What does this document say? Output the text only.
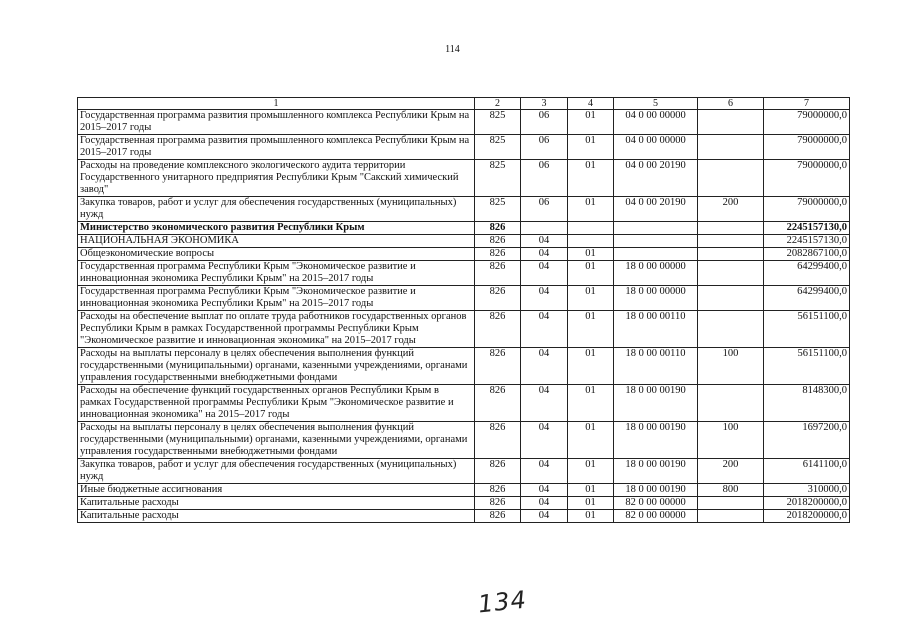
114
1	2	3	4	5	6	7
Государственная программа развития промышленного комплекса Республики Крым на 2015–2017 годы	825	06	01	04 0 00 00000		79000000,0
Государственная программа развития промышленного комплекса Республики Крым на 2015–2017 годы	825	06	01	04 0 00 00000		79000000,0
Расходы на проведение комплексного экологического аудита территории Государственного унитарного предприятия Республики Крым "Сакский химический завод"	825	06	01	04 0 00 20190		79000000,0
Закупка товаров, работ и услуг для обеспечения государственных (муниципальных) нужд	825	06	01	04 0 00 20190	200	79000000,0
Министерство экономического развития Республики Крым	826					2245157130,0
НАЦИОНАЛЬНАЯ ЭКОНОМИКА	826	04				2245157130,0
Общеэкономические вопросы	826	04	01			2082867100,0
Государственная программа Республики Крым "Экономическое развитие и инновационная экономика Республики Крым" на 2015–2017 годы	826	04	01	18 0 00 00000		64299400,0
Государственная программа Республики Крым "Экономическое развитие и инновационная экономика Республики Крым" на 2015–2017 годы	826	04	01	18 0 00 00000		64299400,0
Расходы на обеспечение выплат по оплате труда работников государственных органов Республики Крым в рамках Государственной программы Республики Крым "Экономическое развитие и инновационная экономика" на 2015–2017 годы	826	04	01	18 0 00 00110		56151100,0
Расходы на выплаты персоналу в целях обеспечения выполнения функций государственными (муниципальными) органами, казенными учреждениями, органами управления государственными внебюджетными фондами	826	04	01	18 0 00 00110	100	56151100,0
Расходы на обеспечение функций государственных органов Республики Крым в рамках Государственной программы Республики Крым "Экономическое развитие и инновационная экономика" на 2015–2017 годы	826	04	01	18 0 00 00190		8148300,0
Расходы на выплаты персоналу в целях обеспечения выполнения функций государственными (муниципальными) органами, казенными учреждениями, органами управления государственными внебюджетными фондами	826	04	01	18 0 00 00190	100	1697200,0
Закупка товаров, работ и услуг для обеспечения государственных (муниципальных) нужд	826	04	01	18 0 00 00190	200	6141100,0
Иные бюджетные ассигнования	826	04	01	18 0 00 00190	800	310000,0
Капитальные расходы	826	04	01	82 0 00 00000		2018200000,0
Капитальные расходы	826	04	01	82 0 00 00000		2018200000,0
134
